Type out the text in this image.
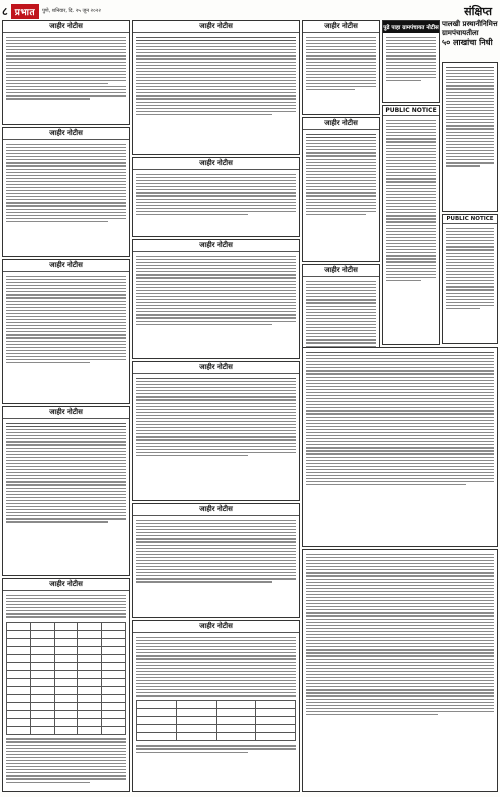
८ प्रभात	पुणे, शनिवार, दि. २५ जून २०२२	संक्षिप्त
जाहीर नोटीस
जाहीर नोटीस
जाहीर नोटीस
जाहीर नोटीस
जाहीर नोटीस

जाहीर नोटीस
जाहीर नोटीस
जाहीर नोटीस
जाहीर नोटीस
जाहीर नोटीस
जाहीर नोटीस

जाहीर नोटीस
जाहीर नोटीस
जाहीर नोटीस
PUBLIC NOTICE
पुढे पाहा ग्रामपंचायत नोटीस पालखी प्रस्थानीनिमित्त
ग्रामपंचायतीला
५० लाखांचा निधी
PUBLIC NOTICE
